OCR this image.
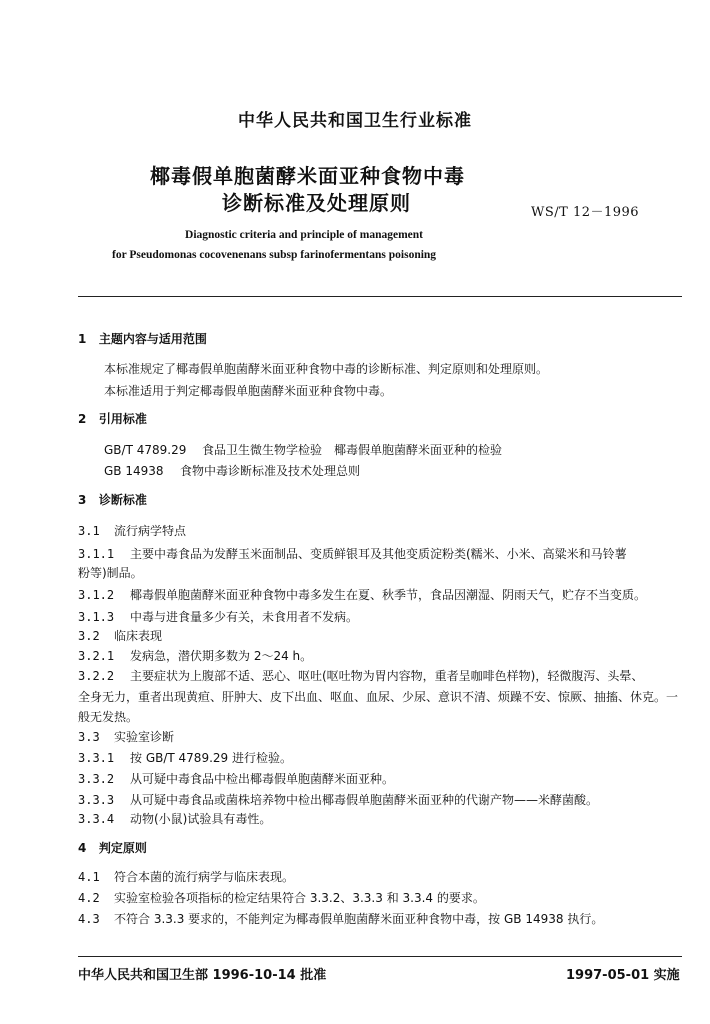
中华人民共和国卫生行业标准
椰毒假单胞菌酵米面亚种食物中毒
诊断标准及处理原则	WS/T 12－1996
Diagnostic criteria and principle of management
for Pseudomonas cocovenenans subsp farinofermentans poisoning
1 主题内容与适用范围
本标准规定了椰毒假单胞菌酵米面亚种食物中毒的诊断标准、判定原则和处理原则。
本标准适用于判定椰毒假单胞菌酵米面亚种食物中毒。
2 引用标准
GB/T 4789.29 食品卫生微生物学检验　椰毒假单胞菌酵米面亚种的检验
GB 14938 食物中毒诊断标准及技术处理总则
3 诊断标准
3.1 流行病学特点
3.1.1 主要中毒食品为发酵玉米面制品、变质鲜银耳及其他变质淀粉类(糯米、小米、高粱米和马铃薯
粉等)制品。
3.1.2 椰毒假单胞菌酵米面亚种食物中毒多发生在夏、秋季节，食品因潮湿、阴雨天气，贮存不当变质。
3.1.3 中毒与进食量多少有关，未食用者不发病。
3.2 临床表现
3.2.1 发病急，潜伏期多数为 2～24 h。
3.2.2 主要症状为上腹部不适、恶心、呕吐(呕吐物为胃内容物，重者呈咖啡色样物)，轻微腹泻、头晕、
全身无力，重者出现黄疸、肝肿大、皮下出血、呕血、血尿、少尿、意识不清、烦躁不安、惊厥、抽搐、休克。一
般无发热。
3.3 实验室诊断
3.3.1 按 GB/T 4789.29 进行检验。
3.3.2 从可疑中毒食品中检出椰毒假单胞菌酵米面亚种。
3.3.3 从可疑中毒食品或菌株培养物中检出椰毒假单胞菌酵米面亚种的代谢产物——米酵菌酸。
3.3.4 动物(小鼠)试验具有毒性。
4 判定原则
4.1 符合本菌的流行病学与临床表现。
4.2 实验室检验各项指标的检定结果符合 3.3.2、3.3.3 和 3.3.4 的要求。
4.3 不符合 3.3.3 要求的，不能判定为椰毒假单胞菌酵米面亚种食物中毒，按 GB 14938 执行。
中华人民共和国卫生部 1996-10-14 批准	1997-05-01 实施
